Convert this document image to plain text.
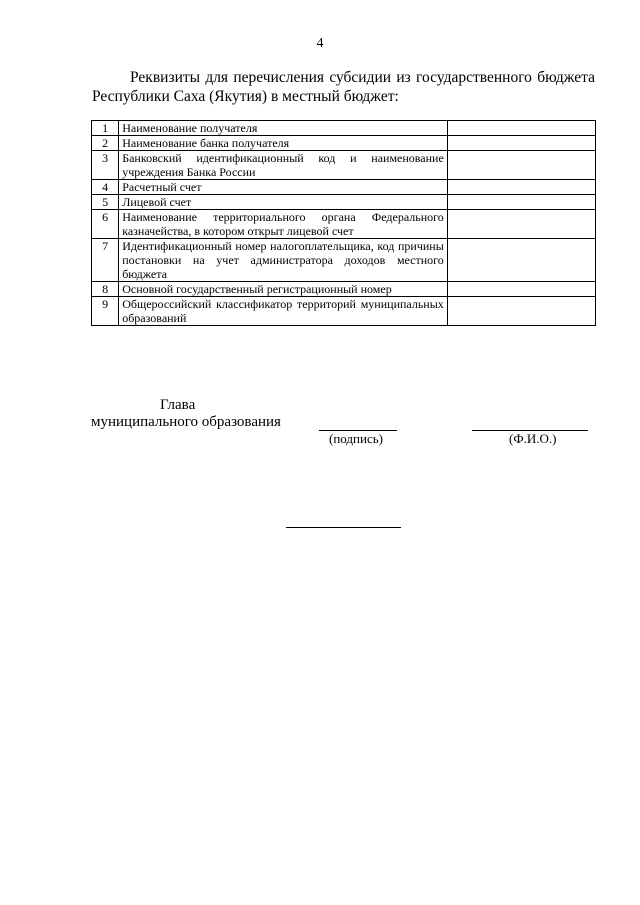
4

Реквизиты для перечисления субсидии из государственного бюджета Республики Саха (Якутия) в местный бюджет:

1	Наименование получателя	
2	Наименование банка получателя	
3	Банковский идентификационный код и наименование учреждения Банка России	
4	Расчетный счет	
5	Лицевой счет	
6	Наименование территориального органа Федерального казначейства, в котором открыт лицевой счет	
7	Идентификационный номер налогоплательщика, код причины постановки на учет администратора доходов местного бюджета	
8	Основной государственный регистрационный номер	
9	Общероссийский классификатор территорий муниципальных образований	
Глава
муниципального образования
(подпись)	(Ф.И.О.)
